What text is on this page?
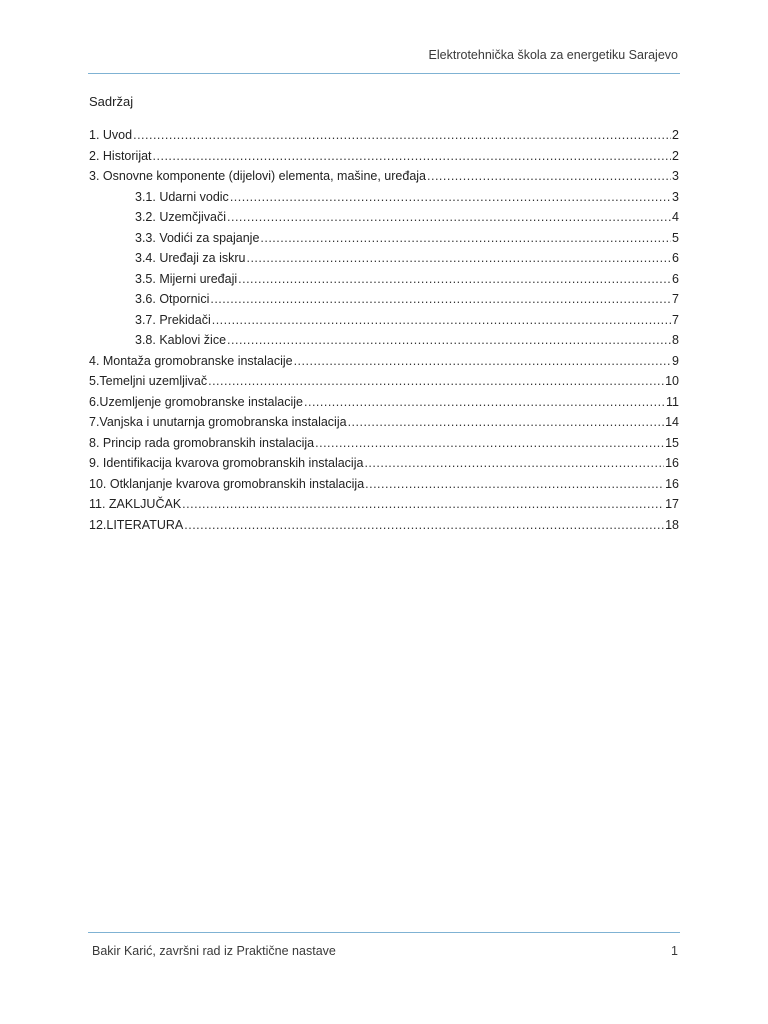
Elektrotehnička škola za energetiku Sarajevo
Sadržaj
1. Uvod .....	2
2. Historijat .....	2
3. Osnovne komponente (dijelovi) elementa, mašine, uređaja .....	3
3.1. Udarni vodic .....	3
3.2. Uzemčjivači .....	4
3.3. Vodići za spajanje .....	5
3.4. Uređaji za iskru .....	6
3.5. Mijerni uređaji .....	6
3.6. Otpornici .....	7
3.7. Prekidači .....	7
3.8. Kablovi žice .....	8
4. Montaža gromobranske instalacije .....	9
5.Temeljni uzemljivač .....	10
6.Uzemljenje gromobranske instalacije .....	11
7.Vanjska i unutarnja gromobranska instalacija .....	14
8. Princip rada gromobranskih instalacija .....	15
9. Identifikacija kvarova gromobranskih instalacija .....	16
10. Otklanjanje kvarova gromobranskih instalacija .....	16
11. ZAKLJUČAK .....	17
12.LITERATURA .....	18
Bakir Karić, završni rad iz Praktične nastave	1
